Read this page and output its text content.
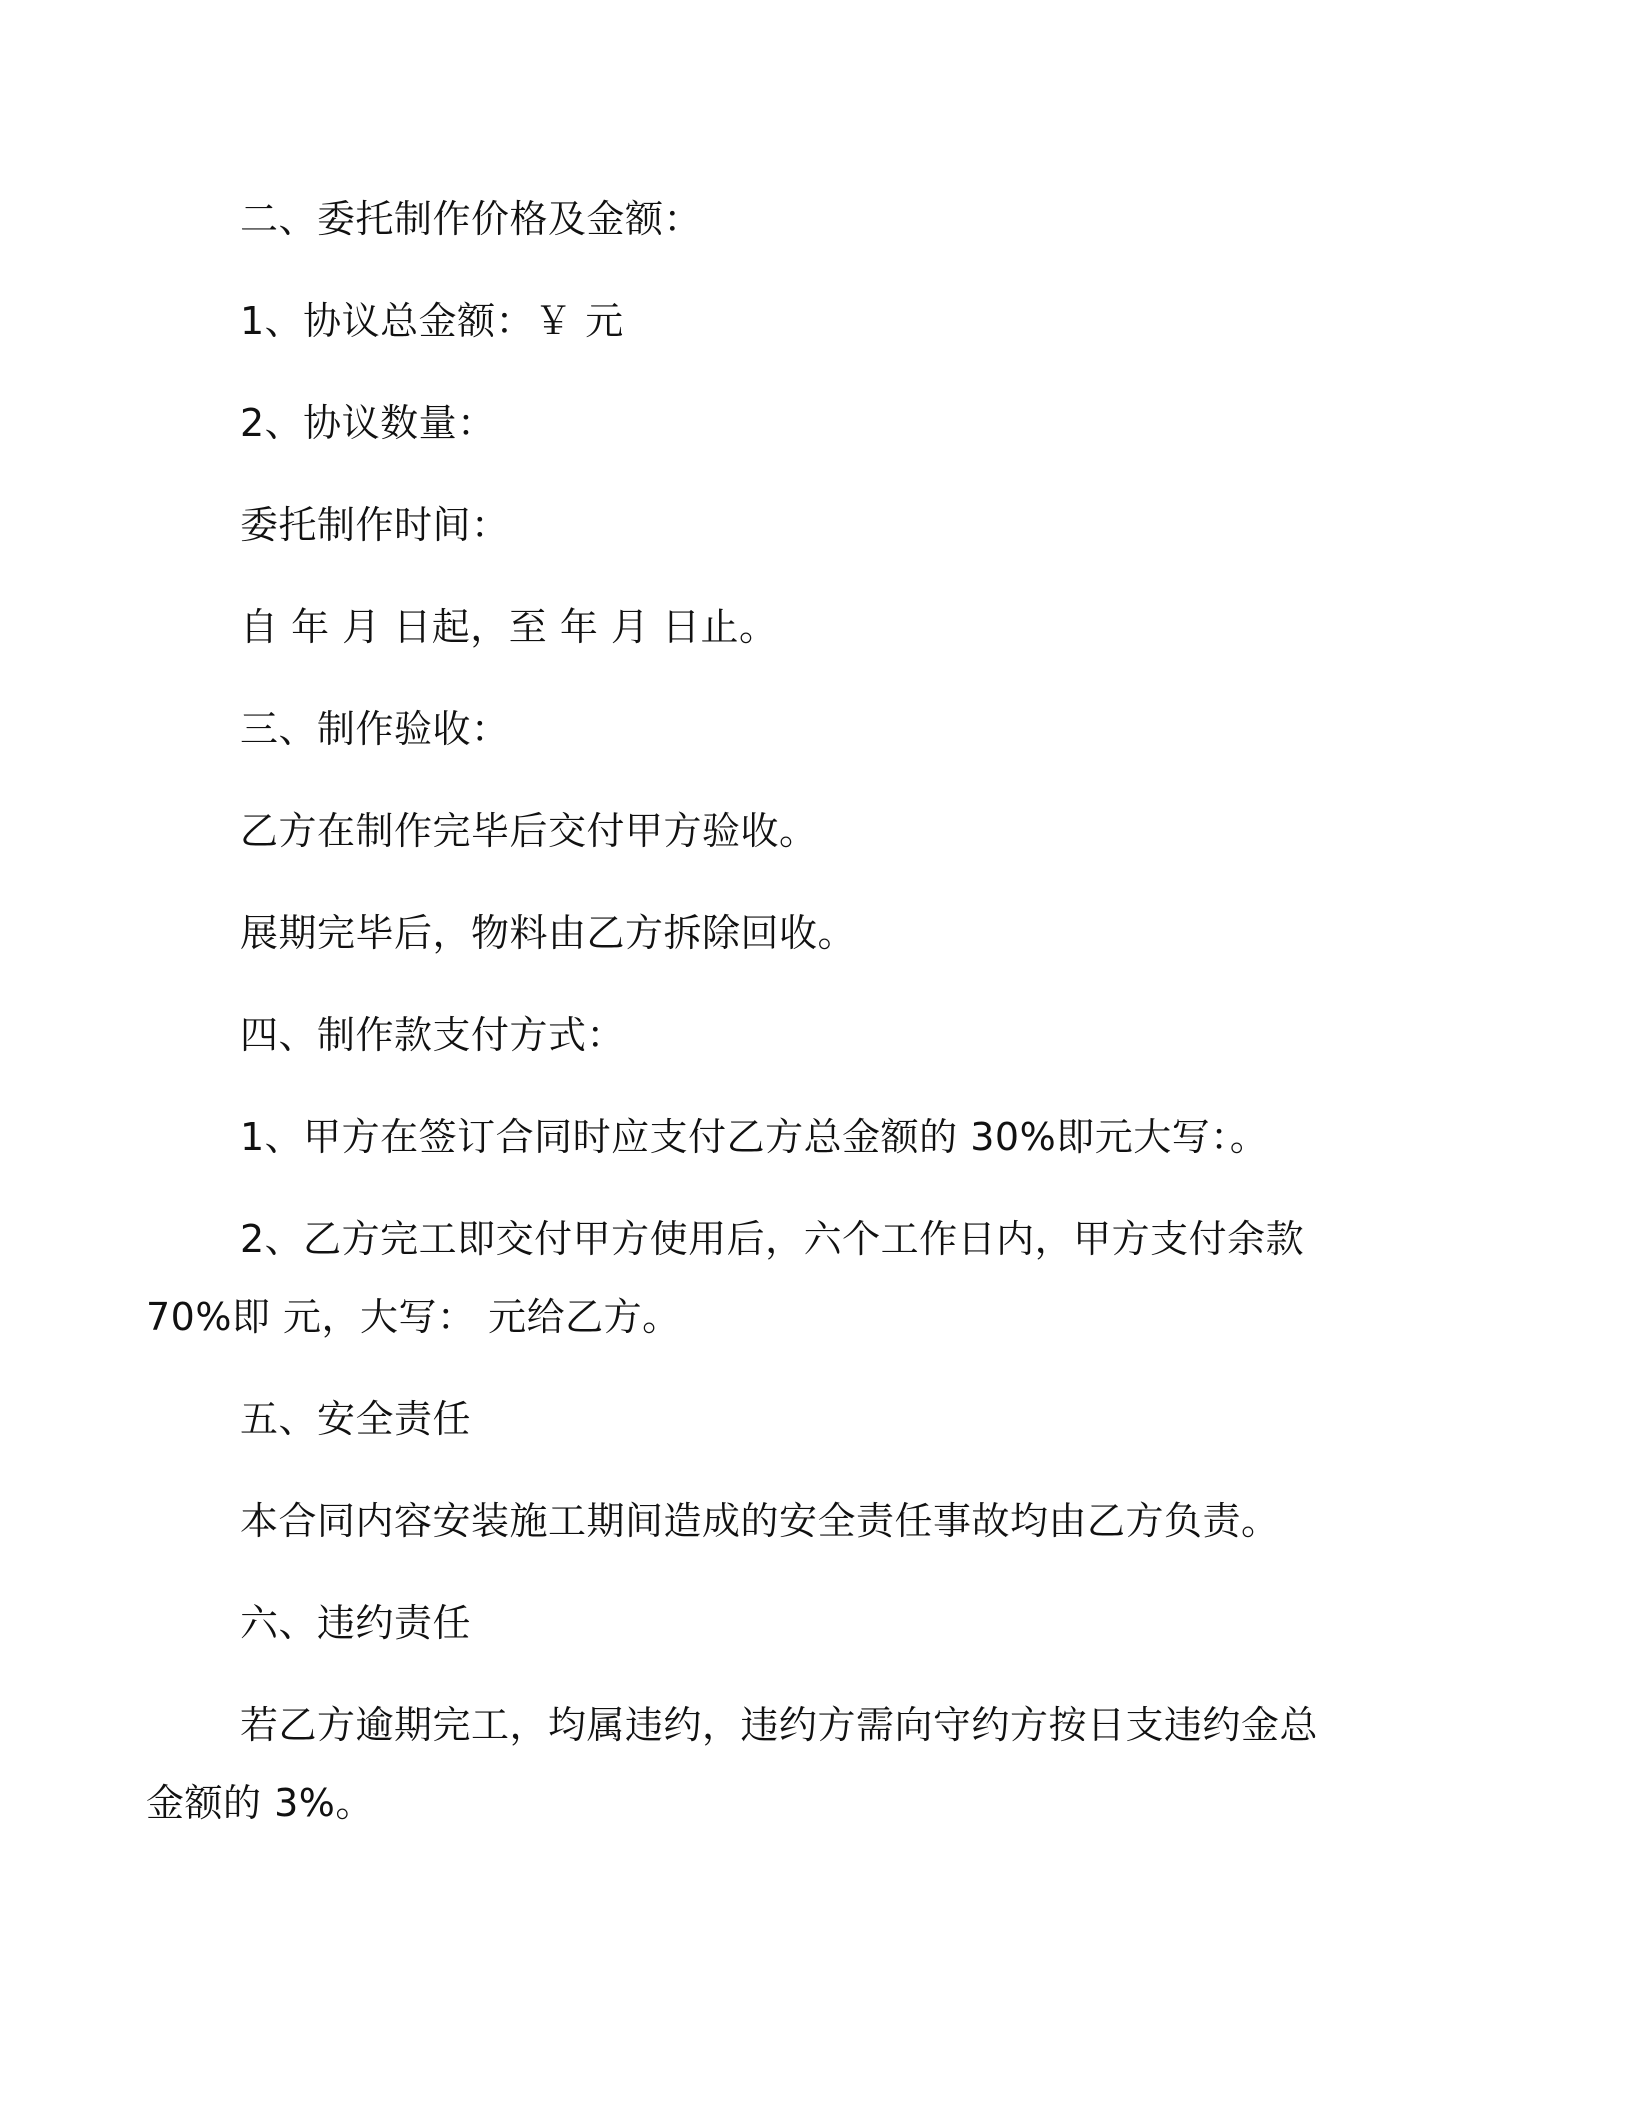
二、委托制作价格及金额：

1、协议总金额：￥ 元

2、协议数量：

委托制作时间：

自 年 月 日起，至 年 月 日止。

三、制作验收：

乙方在制作完毕后交付甲方验收。

展期完毕后，物料由乙方拆除回收。

四、制作款支付方式：

1、甲方在签订合同时应支付乙方总金额的 30%即元大写：。

2、乙方完工即交付甲方使用后，六个工作日内，甲方支付余款
70%即 元，大写： 元给乙方。

五、安全责任

本合同内容安装施工期间造成的安全责任事故均由乙方负责。

六、违约责任

若乙方逾期完工，均属违约，违约方需向守约方按日支违约金总
金额的 3%。
